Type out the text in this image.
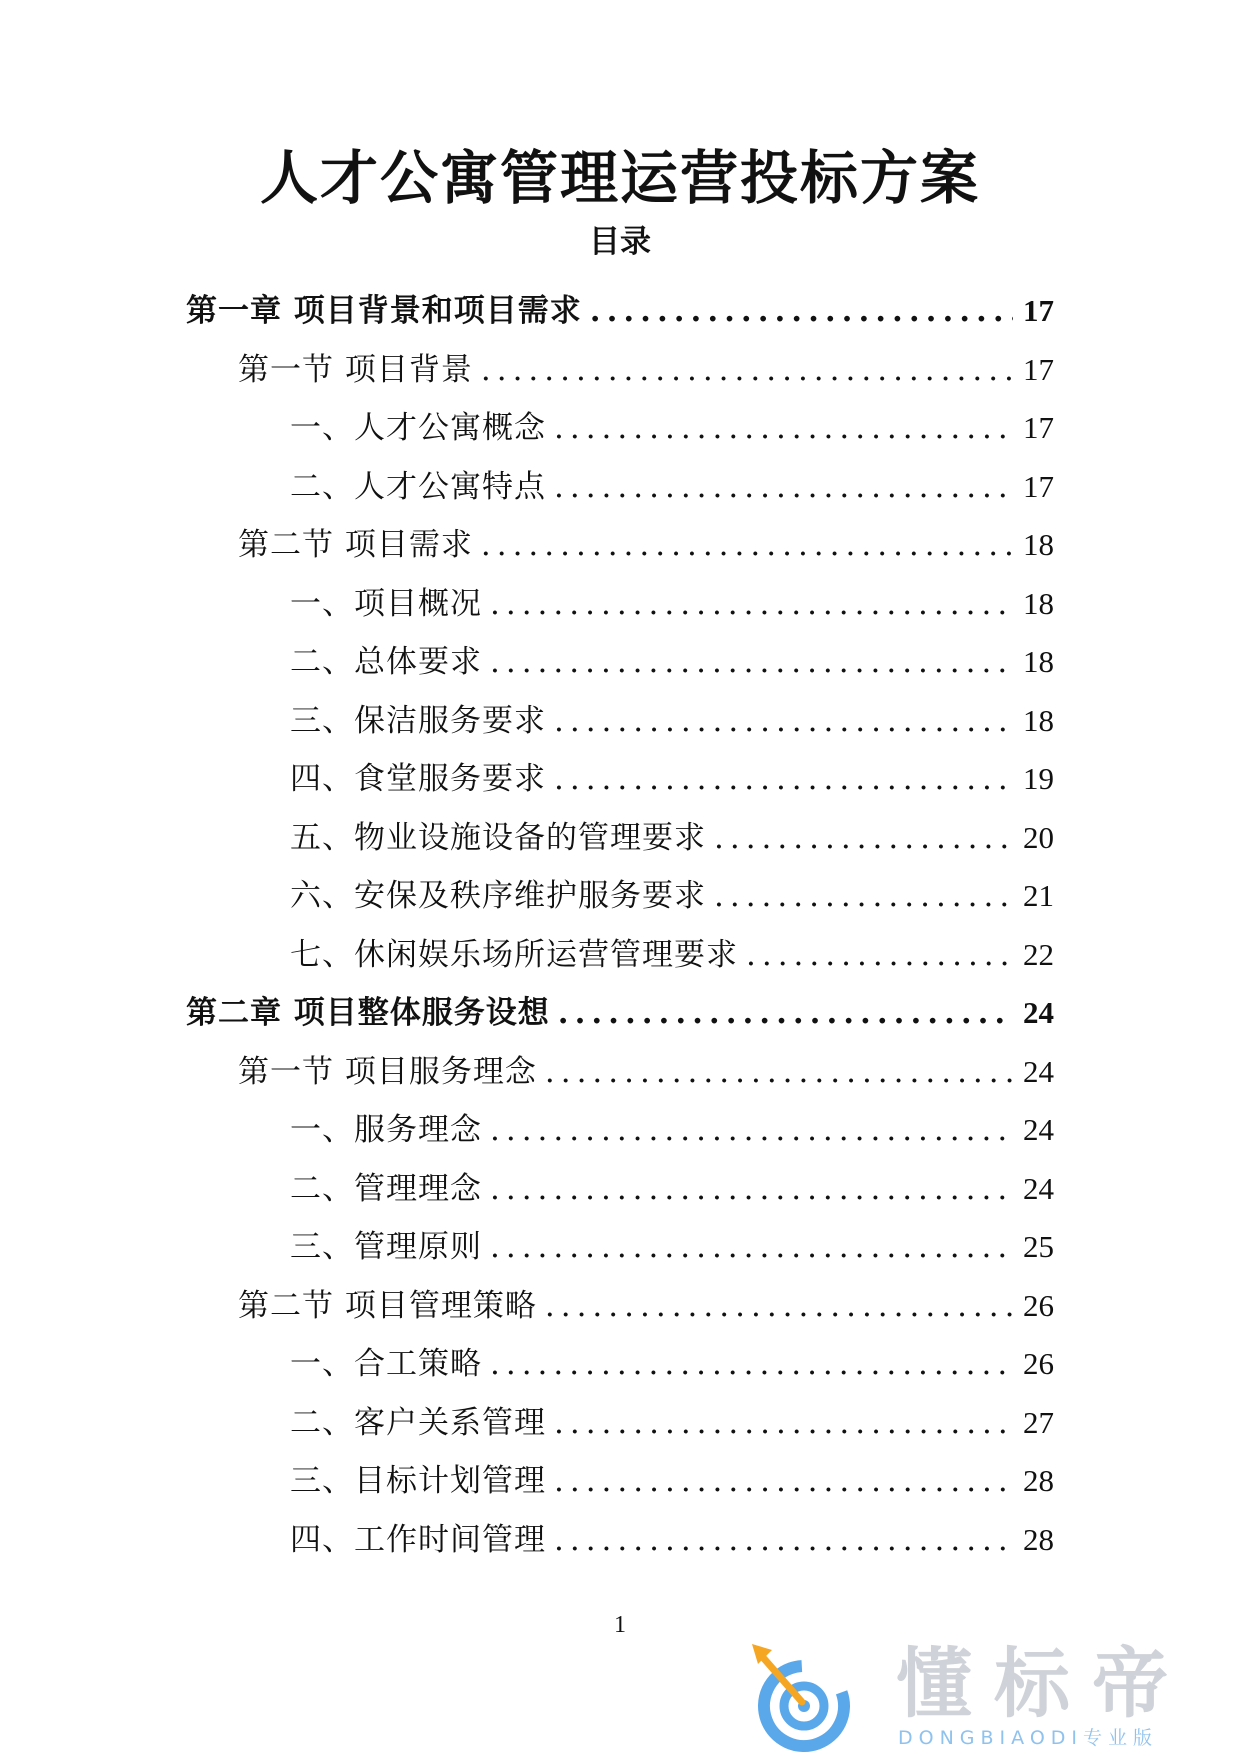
人才公寓管理运营投标方案
目录
第一章 项目背景和项目需求 .....	17
第一节 项目背景 .....	17
一、人才公寓概念 .....	17
二、人才公寓特点 .....	17
第二节 项目需求 .....	18
一、项目概况 .....	18
二、总体要求 .....	18
三、保洁服务要求 .....	18
四、食堂服务要求 .....	19
五、物业设施设备的管理要求 .....	20
六、安保及秩序维护服务要求 .....	21
七、休闲娱乐场所运营管理要求 .....	22
第二章 项目整体服务设想 .....	24
第一节 项目服务理念 .....	24
一、服务理念 .....	24
二、管理理念 .....	24
三、管理原则 .....	25
第二节 项目管理策略 .....	26
一、合工策略 .....	26
二、客户关系管理 .....	27
三、目标计划管理 .....	28
四、工作时间管理 .....	28
1
懂标帝
DONGBIAODI专业版
